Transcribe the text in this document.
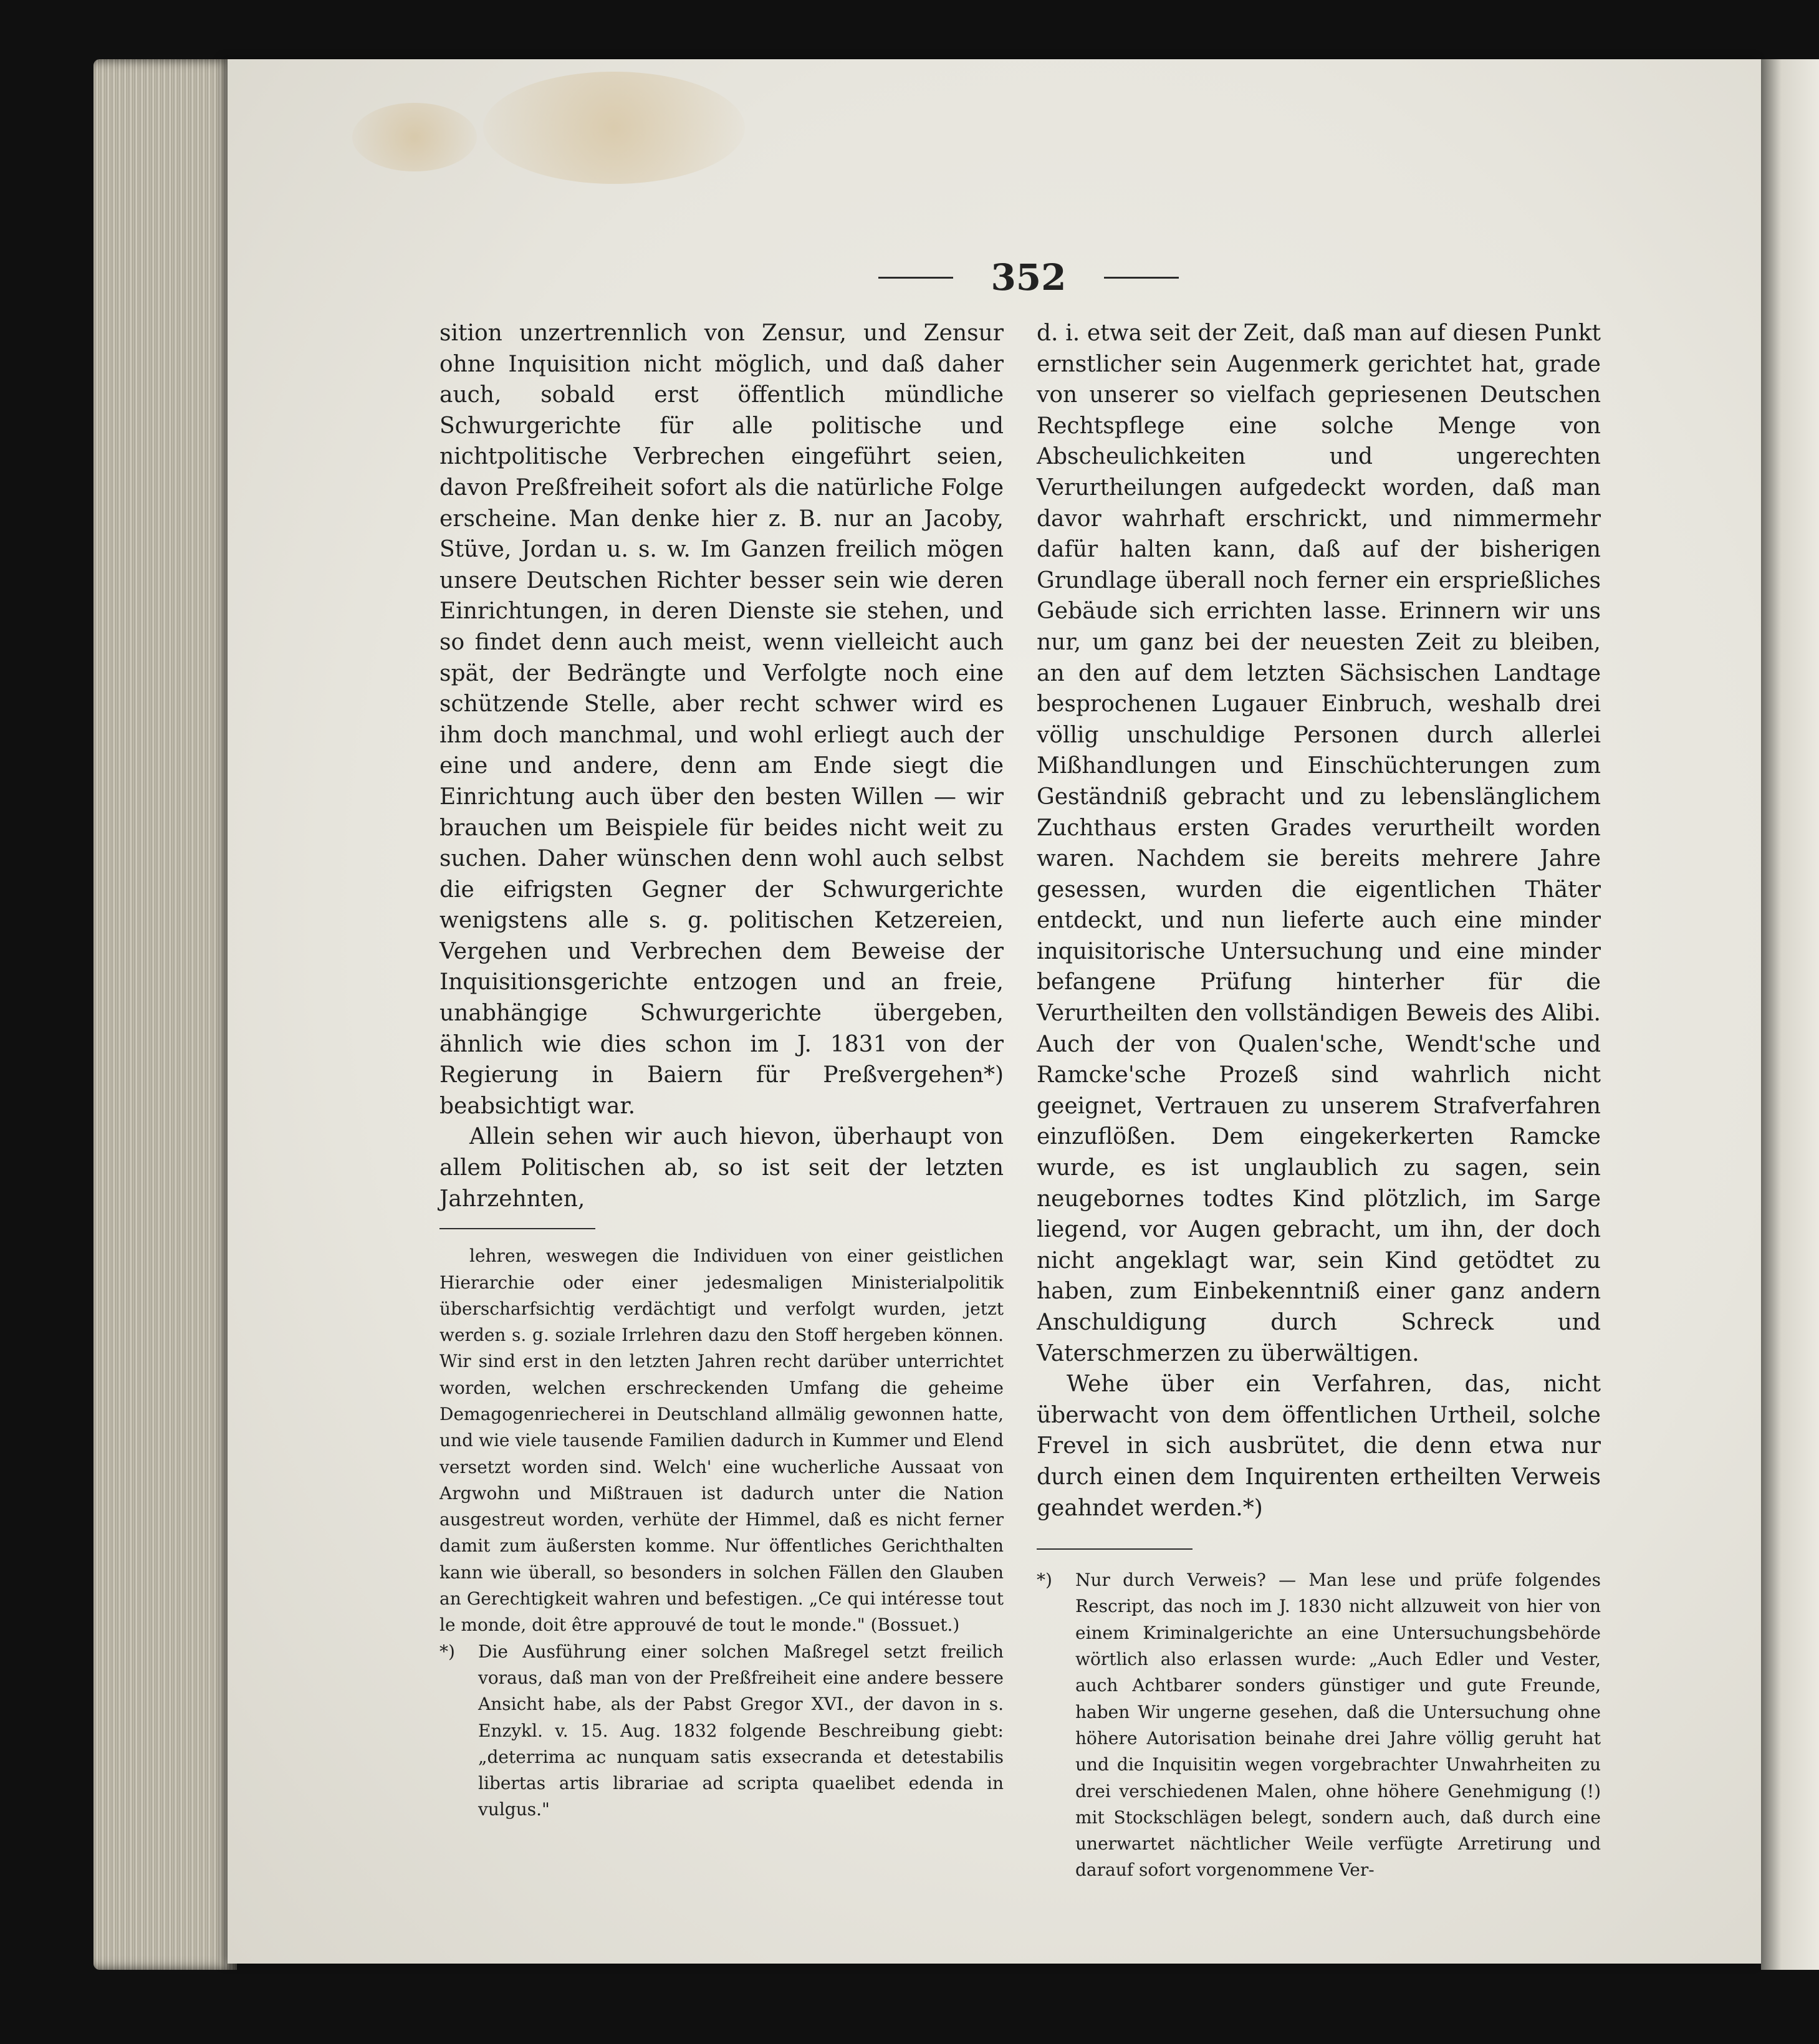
352

sition unzertrennlich von Zensur, und Zensur ohne Inquisition nicht möglich, und daß daher auch, sobald erst öffentlich mündliche Schwurgerichte für alle politische und nichtpolitische Verbrechen eingeführt seien, davon Preßfreiheit sofort als die natürliche Folge erscheine. Man denke hier z. B. nur an Jacoby, Stüve, Jordan u. s. w. Im Ganzen freilich mögen unsere Deutschen Richter besser sein wie deren Einrichtungen, in deren Dienste sie stehen, und so findet denn auch meist, wenn vielleicht auch spät, der Bedrängte und Verfolgte noch eine schützende Stelle, aber recht schwer wird es ihm doch manchmal, und wohl erliegt auch der eine und andere, denn am Ende siegt die Einrichtung auch über den besten Willen — wir brauchen um Beispiele für beides nicht weit zu suchen. Daher wünschen denn wohl auch selbst die eifrigsten Gegner der Schwurgerichte wenigstens alle s. g. politischen Ketzereien, Vergehen und Verbrechen dem Beweise der Inquisitionsgerichte entzogen und an freie, unabhängige Schwurgerichte übergeben, ähnlich wie dies schon im J. 1831 von der Regierung in Baiern für Preßvergehen*) beabsichtigt war.

Allein sehen wir auch hievon, überhaupt von allem Politischen ab, so ist seit der letzten Jahrzehnten,

lehren, weswegen die Individuen von einer geistlichen Hierarchie oder einer jedesmaligen Ministerialpolitik überscharfsichtig verdächtigt und verfolgt wurden, jetzt werden s. g. soziale Irrlehren dazu den Stoff hergeben können. Wir sind erst in den letzten Jahren recht darüber unterrichtet worden, welchen erschreckenden Umfang die geheime Demagogenriecherei in Deutschland allmälig gewonnen hatte, und wie viele tausende Familien dadurch in Kummer und Elend versetzt worden sind. Welch' eine wucherliche Aussaat von Argwohn und Mißtrauen ist dadurch unter die Nation ausgestreut worden, verhüte der Himmel, daß es nicht ferner damit zum äußersten komme. Nur öffentliches Gerichthalten kann wie überall, so besonders in solchen Fällen den Glauben an Gerechtigkeit wahren und befestigen. „Ce qui intéresse tout le monde, doit être approuvé de tout le monde." (Bossuet.)

*) Die Ausführung einer solchen Maßregel setzt freilich voraus, daß man von der Preßfreiheit eine andere bessere Ansicht habe, als der Pabst Gregor XVI., der davon in s. Enzykl. v. 15. Aug. 1832 folgende Beschreibung giebt: „deterrima ac nunquam satis exsecranda et detestabilis libertas artis librariae ad scripta quaelibet edenda in vulgus."

d. i. etwa seit der Zeit, daß man auf diesen Punkt ernstlicher sein Augenmerk gerichtet hat, grade von unserer so vielfach gepriesenen Deutschen Rechtspflege eine solche Menge von Abscheulichkeiten und ungerechten Verurtheilungen aufgedeckt worden, daß man davor wahrhaft erschrickt, und nimmermehr dafür halten kann, daß auf der bisherigen Grundlage überall noch ferner ein ersprießliches Gebäude sich errichten lasse. Erinnern wir uns nur, um ganz bei der neuesten Zeit zu bleiben, an den auf dem letzten Sächsischen Landtage besprochenen Lugauer Einbruch, weshalb drei völlig unschuldige Personen durch allerlei Mißhandlungen und Einschüchterungen zum Geständniß gebracht und zu lebenslänglichem Zuchthaus ersten Grades verurtheilt worden waren. Nachdem sie bereits mehrere Jahre gesessen, wurden die eigentlichen Thäter entdeckt, und nun lieferte auch eine minder inquisitorische Untersuchung und eine minder befangene Prüfung hinterher für die Verurtheilten den vollständigen Beweis des Alibi. Auch der von Qualen'sche, Wendt'sche und Ramcke'sche Prozeß sind wahrlich nicht geeignet, Vertrauen zu unserem Strafverfahren einzuflößen. Dem eingekerkerten Ramcke wurde, es ist unglaublich zu sagen, sein neugebornes todtes Kind plötzlich, im Sarge liegend, vor Augen gebracht, um ihn, der doch nicht angeklagt war, sein Kind getödtet zu haben, zum Einbekenntniß einer ganz andern Anschuldigung durch Schreck und Vaterschmerzen zu überwältigen.

Wehe über ein Verfahren, das, nicht überwacht von dem öffentlichen Urtheil, solche Frevel in sich ausbrütet, die denn etwa nur durch einen dem Inquirenten ertheilten Verweis geahndet werden.*)

*) Nur durch Verweis? — Man lese und prüfe folgendes Rescript, das noch im J. 1830 nicht allzuweit von hier von einem Kriminalgerichte an eine Untersuchungsbehörde wörtlich also erlassen wurde: „Auch Edler und Vester, auch Achtbarer sonders günstiger und gute Freunde, haben Wir ungerne gesehen, daß die Untersuchung ohne höhere Autorisation beinahe drei Jahre völlig geruht hat und die Inquisitin wegen vorgebrachter Unwahrheiten zu drei verschiedenen Malen, ohne höhere Genehmigung (!) mit Stockschlägen belegt, sondern auch, daß durch eine unerwartet nächtlicher Weile verfügte Arretirung und darauf sofort vorgenommene Ver-
